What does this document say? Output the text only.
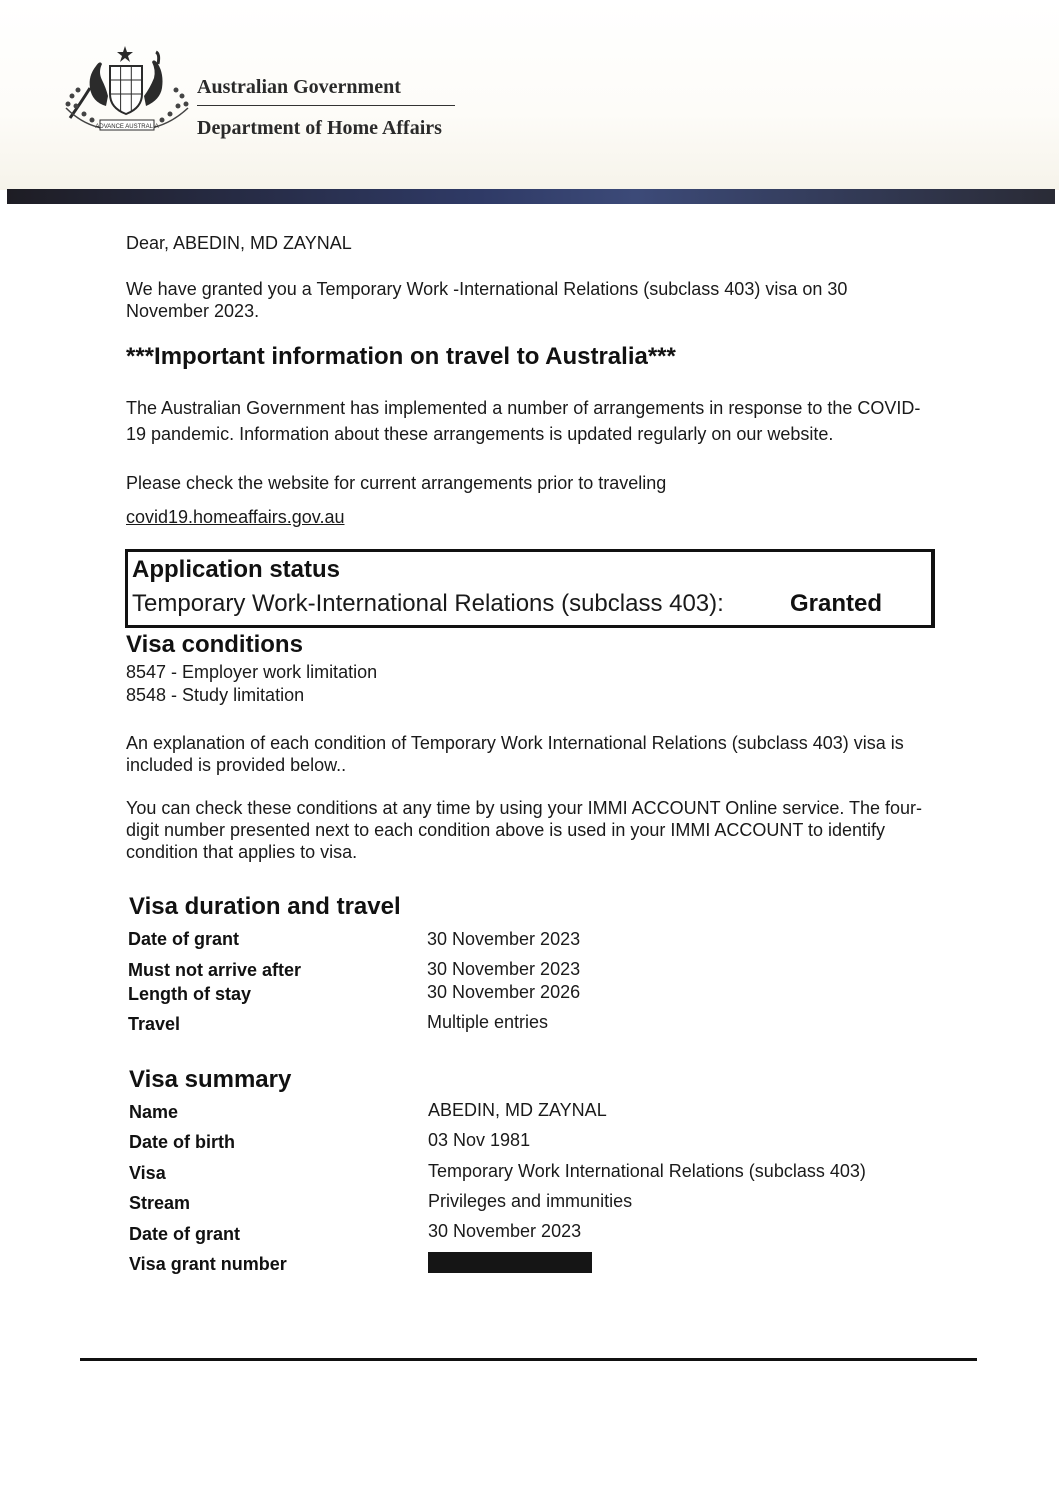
ADVANCE AUSTRALIA
Australian Government
Department of Home Affairs
Dear, ABEDIN, MD ZAYNAL
We have granted you a Temporary Work -International Relations (subclass 403) visa on 30 November 2023.
***Important information on travel to Australia***
The Australian Government has implemented a number of arrangements in response to the COVID-19 pandemic. Information about these arrangements is updated regularly on our website.
Please check the website for current arrangements prior to traveling
covid19.homeaffairs.gov.au
Application status
Temporary Work-International Relations (subclass 403):	Granted
Visa conditions
8547 - Employer work limitation
8548 - Study limitation
An explanation of each condition of Temporary Work International Relations (subclass 403) visa is included is provided below..
You can check these conditions at any time by using your IMMI ACCOUNT Online service. The four-digit number presented next to each condition above is used in your IMMI ACCOUNT to identify condition that applies to visa.
Visa duration and travel
Date of grant	30 November 2023
Must not arrive after	30 November 2023
Length of stay	30 November 2026
Travel	Multiple entries
Visa summary
Name	ABEDIN, MD ZAYNAL
Date of birth	03 Nov 1981
Visa	Temporary Work International Relations (subclass 403)
Stream	Privileges and immunities
Date of grant	30 November 2023
Visa grant number
